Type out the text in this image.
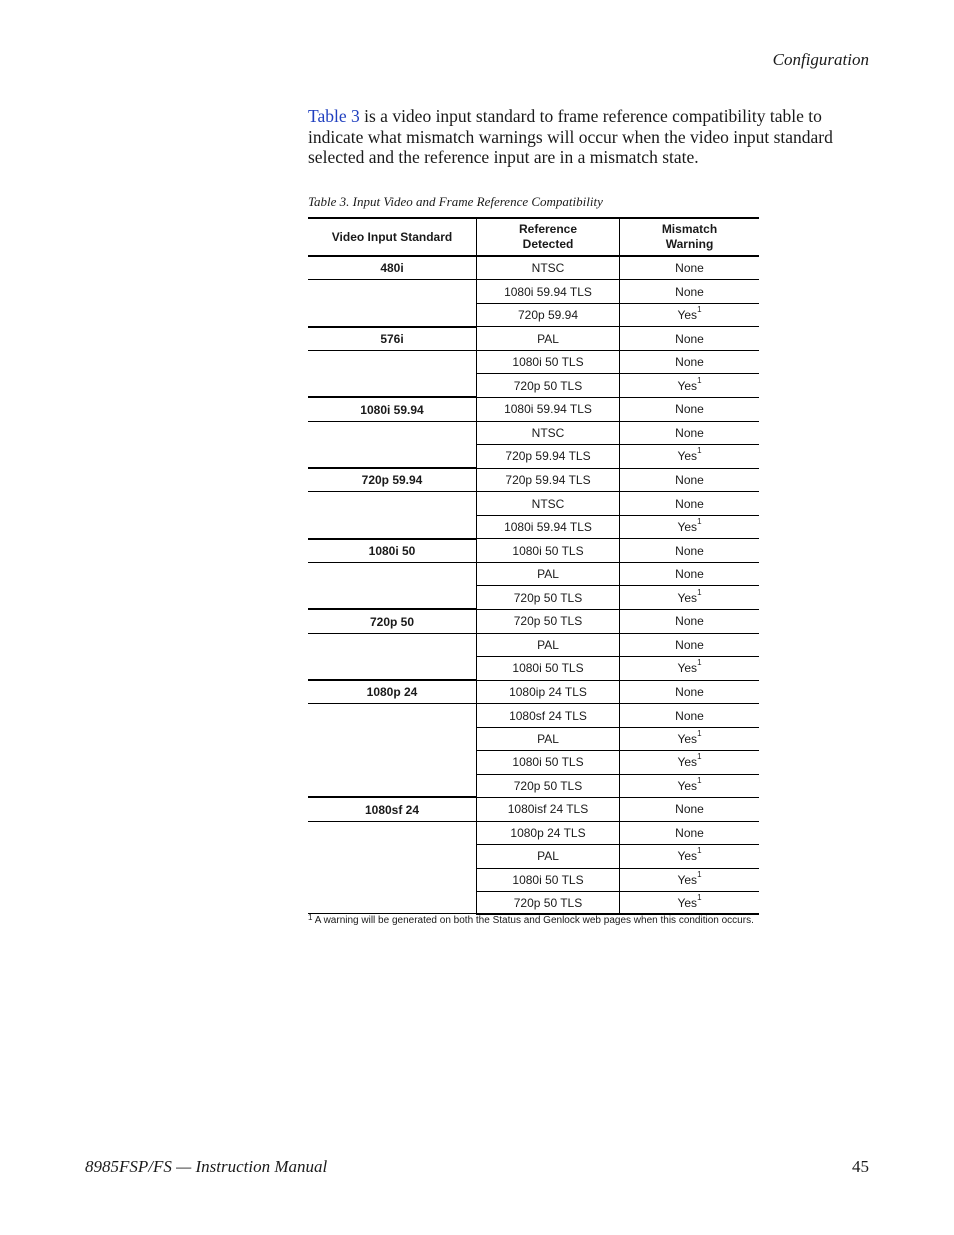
Configuration

Table 3 is a video input standard to frame reference compatibility table to indicate what mismatch warnings will occur when the video input standard selected and the reference input are in a mismatch state.

Table 3. Input Video and Frame Reference Compatibility
Video Input Standard	Reference Detected	Mismatch Warning
480i	NTSC	None
	1080i 59.94 TLS	None
	720p 59.94	Yes$^1$
576i	PAL	None
	1080i 50 TLS	None
	720p 50 TLS	Yes$^1$
1080i 59.94	1080i 59.94 TLS	None
	NTSC	None
	720p 59.94 TLS	Yes$^1$
720p 59.94	720p 59.94 TLS	None
	NTSC	None
	1080i 59.94 TLS	Yes$^1$
1080i 50	1080i 50 TLS	None
	PAL	None
	720p 50 TLS	Yes$^1$
720p 50	720p 50 TLS	None
	PAL	None
	1080i 50 TLS	Yes$^1$
1080p 24	1080ip 24 TLS	None
	1080sf 24 TLS	None
	PAL	Yes$^1$
	1080i 50 TLS	Yes$^1$
	720p 50 TLS	Yes$^1$
1080sf 24	1080isf 24 TLS	None
	1080p 24 TLS	None
	PAL	Yes$^1$
	1080i 50 TLS	Yes$^1$
	720p 50 TLS	Yes$^1$
$^1$ A warning will be generated on both the Status and Genlock web pages when this condition occurs.
8985FSP/FS — Instruction Manual	45
